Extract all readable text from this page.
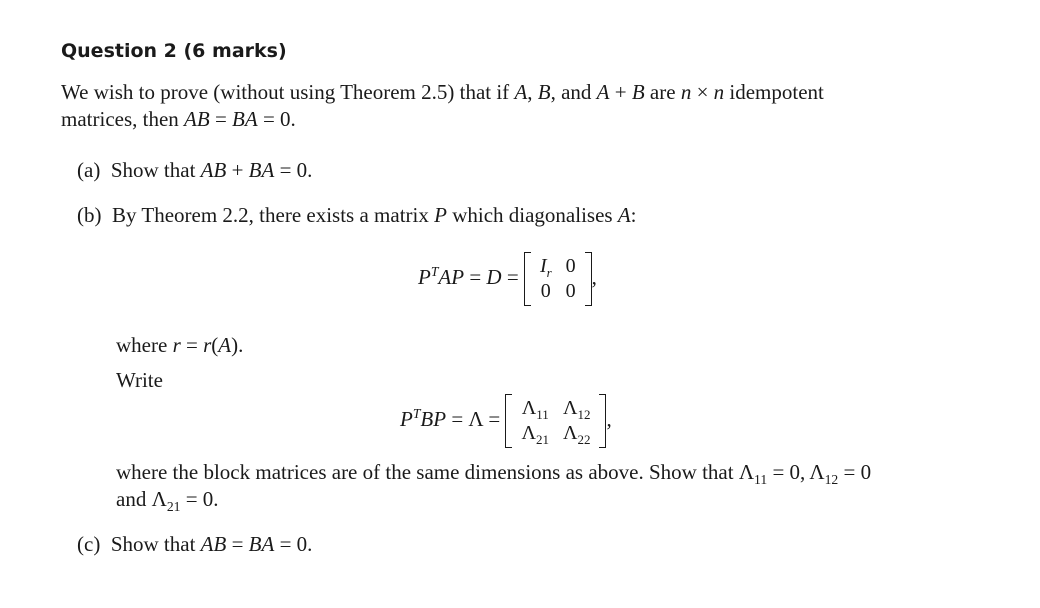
Question 2 (6 marks)
We wish to prove (without using Theorem 2.5) that if A, B, and A + B are n × n idempotent
matrices, then AB = BA = 0.
(a) Show that AB + BA = 0.
(b) By Theorem 2.2, there exists a matrix P which diagonalises A:
$P^TAP = D = I_r$ 0
0 0
,
where r = r(A).
Write
$P^TBP = \Lambda = \Lambda_{11}$ $\Lambda_{12}$
$\Lambda_{21}$ $\Lambda_{22}$
,
where the block matrices are of the same dimensions as above. Show that $\Lambda_{11} = 0$, $\Lambda_{12} = 0$
and $\Lambda_{21} = 0$.
(c) Show that AB = BA = 0.
